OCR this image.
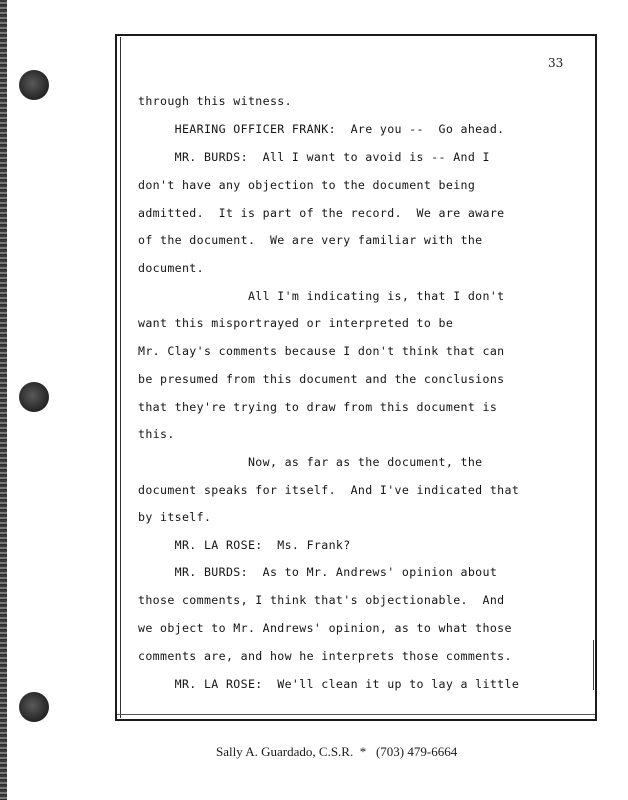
33
through this witness.
HEARING OFFICER FRANK:  Are you --  Go ahead.
MR. BURDS:  All I want to avoid is -- And I
don't have any objection to the document being
admitted.  It is part of the record.  We are aware
of the document.  We are very familiar with the
document.
All I'm indicating is, that I don't
want this misportrayed or interpreted to be
Mr. Clay's comments because I don't think that can
be presumed from this document and the conclusions
that they're trying to draw from this document is
this.
Now, as far as the document, the
document speaks for itself.  And I've indicated that
by itself.
MR. LA ROSE:  Ms. Frank?
MR. BURDS:  As to Mr. Andrews' opinion about
those comments, I think that's objectionable.  And
we object to Mr. Andrews' opinion, as to what those
comments are, and how he interprets those comments.
MR. LA ROSE:  We'll clean it up to lay a little
Sally A. Guardado, C.S.R.  *   (703) 479-6664
